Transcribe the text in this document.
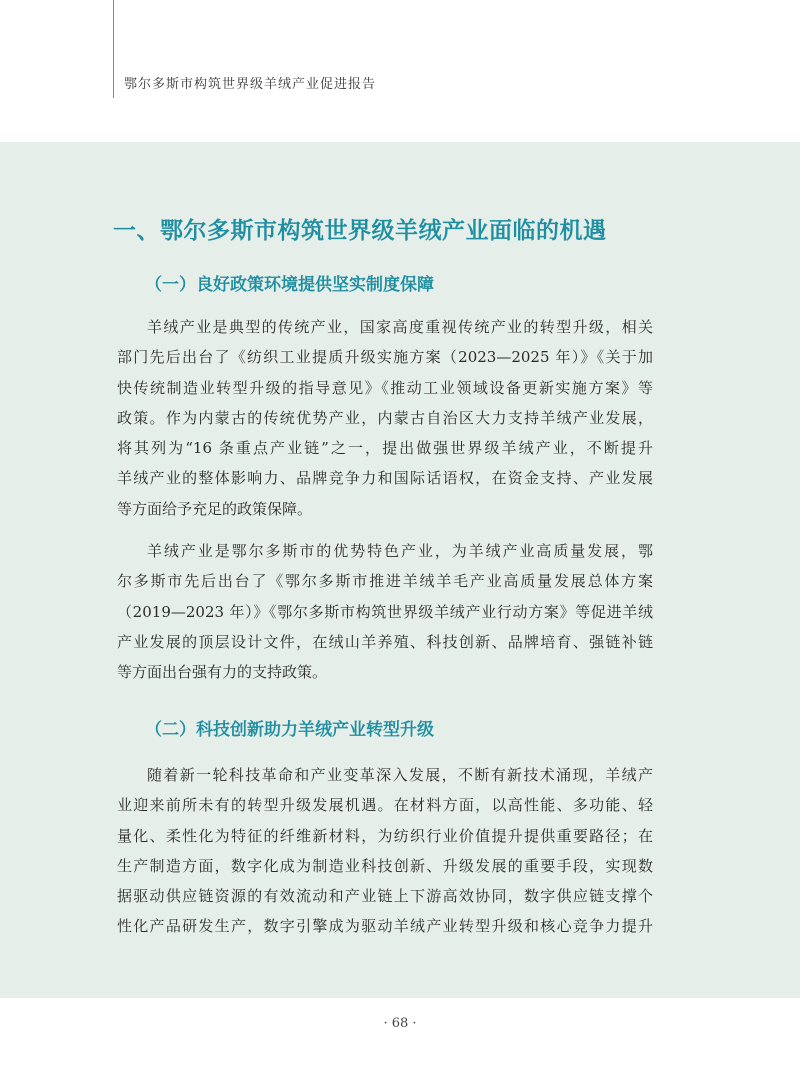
鄂尔多斯市构筑世界级羊绒产业促进报告
一、鄂尔多斯市构筑世界级羊绒产业面临的机遇
（一）良好政策环境提供坚实制度保障
羊绒产业是典型的传统产业，国家高度重视传统产业的转型升级，相关
部门先后出台了《纺织工业提质升级实施方案（2023—2025 年）》《关于加
快传统制造业转型升级的指导意见》《推动工业领域设备更新实施方案》等
政策。作为内蒙古的传统优势产业，内蒙古自治区大力支持羊绒产业发展，
将其列为“16 条重点产业链”之一，提出做强世界级羊绒产业，不断提升
羊绒产业的整体影响力、品牌竞争力和国际话语权，在资金支持、产业发展
等方面给予充足的政策保障。
羊绒产业是鄂尔多斯市的优势特色产业，为羊绒产业高质量发展，鄂
尔多斯市先后出台了《鄂尔多斯市推进羊绒羊毛产业高质量发展总体方案
（2019—2023 年）》《鄂尔多斯市构筑世界级羊绒产业行动方案》等促进羊绒
产业发展的顶层设计文件，在绒山羊养殖、科技创新、品牌培育、强链补链
等方面出台强有力的支持政策。
（二）科技创新助力羊绒产业转型升级
随着新一轮科技革命和产业变革深入发展，不断有新技术涌现，羊绒产
业迎来前所未有的转型升级发展机遇。在材料方面，以高性能、多功能、轻
量化、柔性化为特征的纤维新材料，为纺织行业价值提升提供重要路径；在
生产制造方面，数字化成为制造业科技创新、升级发展的重要手段，实现数
据驱动供应链资源的有效流动和产业链上下游高效协同，数字供应链支撑个
性化产品研发生产，数字引擎成为驱动羊绒产业转型升级和核心竞争力提升
· 68 ·
